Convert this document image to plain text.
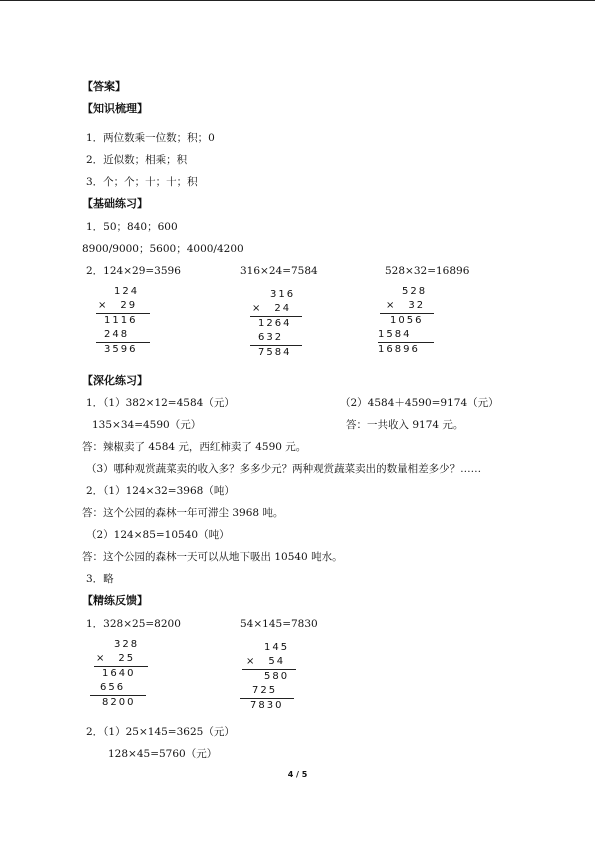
【答案】
【知识梳理】
1．两位数乘一位数；积；0
2．近似数；相乘；积
3．个；个；十；十；积
【基础练习】
1．50；840；600
8900/9000；5600；4000/4200
2．124×29=3596	316×24=7584	528×32=16896
124
×　29
1116
248
3596
316
×　24
1264
632
7584
528
×　32
1056
1584
16896
【深化练习】
1．（1）382×12=4584（元）	（2）4584＋4590=9174（元）
135×34=4590（元）	答：一共收入 9174 元。
答：辣椒卖了 4584 元，西红柿卖了 4590 元。
（3）哪种观赏蔬菜卖的收入多？多多少元？两种观赏蔬菜卖出的数量相差多少？……
2．（1）124×32=3968（吨）
答：这个公园的森林一年可滞尘 3968 吨。
（2）124×85=10540（吨）
答：这个公园的森林一天可以从地下吸出 10540 吨水。
3．略
【精练反馈】
1．328×25=8200	54×145=7830
328
×　25
1640
656
8200
145
×　54
580
725
7830
2．（1）25×145=3625（元）
128×45=5760（元）
4 / 5
